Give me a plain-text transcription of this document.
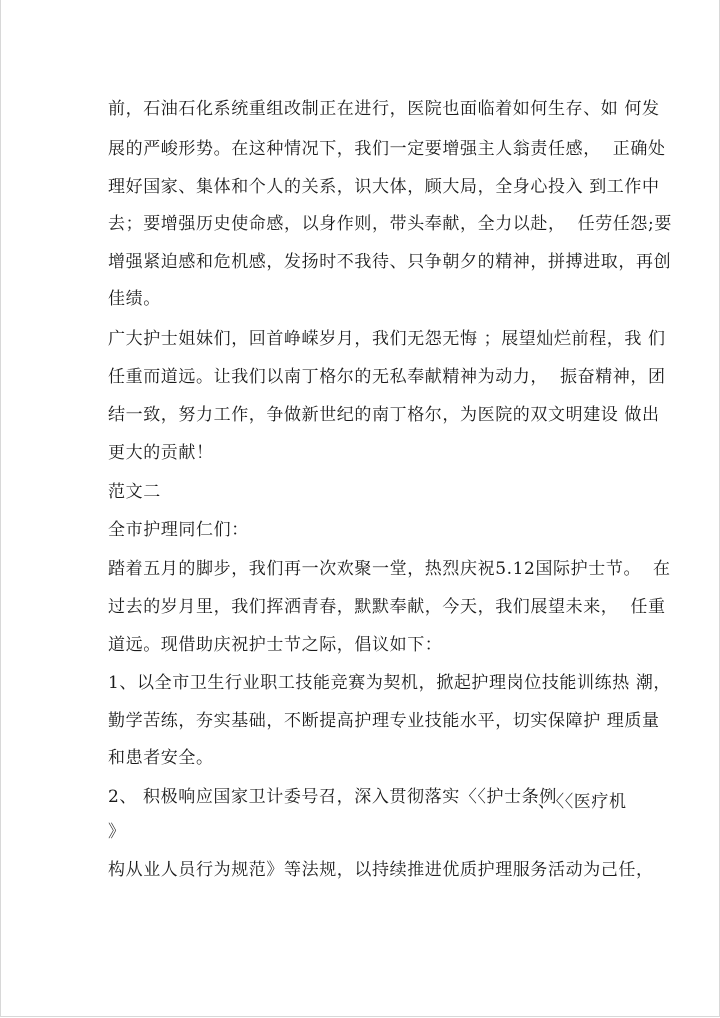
前，石油石化系统重组改制正在进行，医院也面临着如何生存、如 何发
展的严峻形势。在这种情况下，我们一定要增强主人翁责任感，  正确处
理好国家、集体和个人的关系，识大体，顾大局，全身心投入 到工作中
去；要增强历史使命感，以身作则，带头奉献，全力以赴，  任劳任怨;要
增强紧迫感和危机感，发扬时不我待、只争朝夕的精神，拼搏进取，再创
佳绩。
广大护士姐妹们，回首峥嵘岁月，我们无怨无悔 ；展望灿烂前程，我 们
任重而道远。让我们以南丁格尔的无私奉献精神为动力，  振奋精神，团
结一致，努力工作，争做新世纪的南丁格尔，为医院的双文明建设 做出
更大的贡献！
范文二
全市护理同仁们：
踏着五月的脚步，我们再一次欢聚一堂，热烈庆祝5.12国际护士节。  在
过去的岁月里，我们挥洒青春，默默奉献，今天，我们展望未来，  任重
道远。现借助庆祝护士节之际，倡议如下：
1、以全市卫生行业职工技能竞赛为契机，掀起护理岗位技能训练热 潮，
勤学苦练，夯实基础，不断提高护理专业技能水平，切实保障护 理质量
和患者安全。
2、 积极响应国家卫计委号召，深入贯彻落实〈〈护士条例
、〈〈医疗机
》
构从业人员行为规范》等法规，以持续推进优质护理服务活动为己任，
